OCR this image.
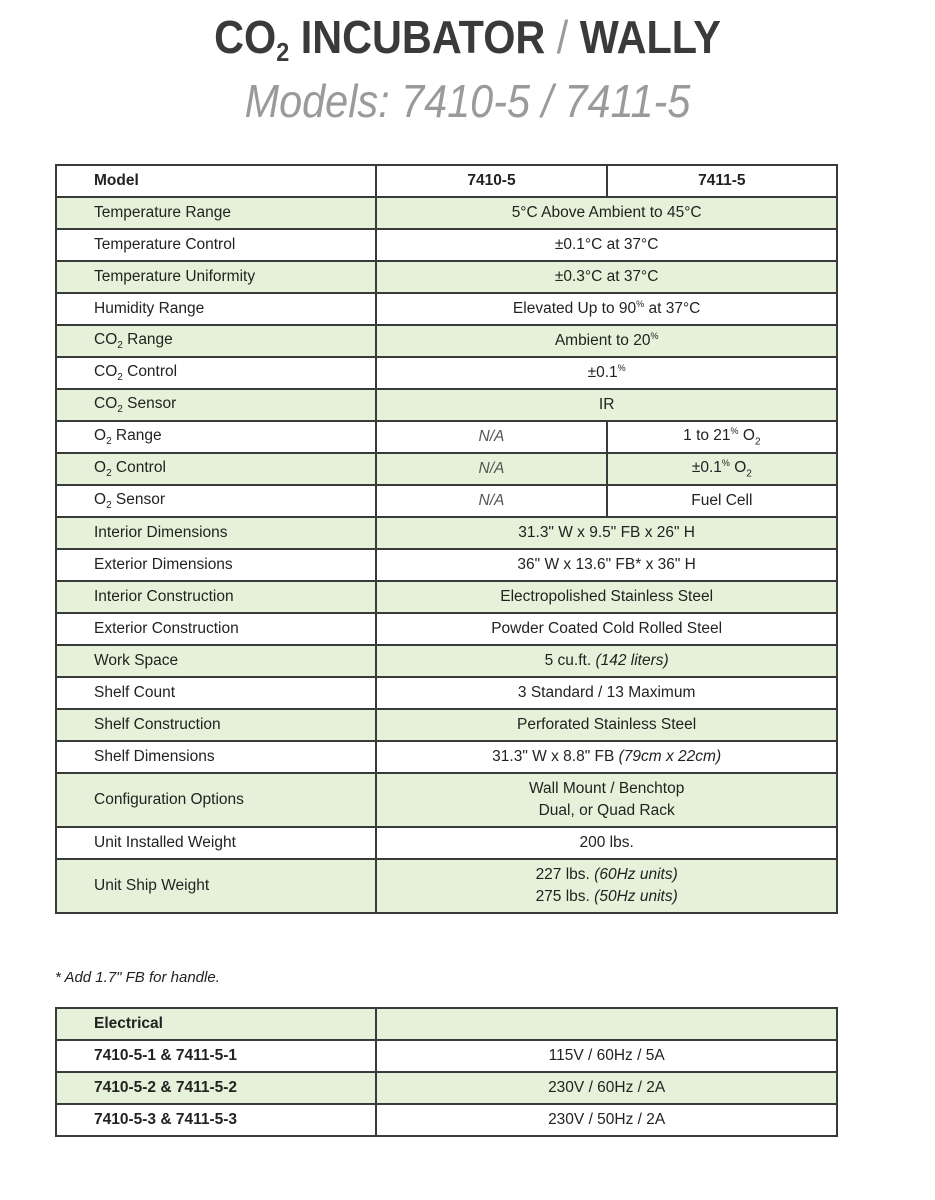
CO2 INCUBATOR / WALLY
Models: 7410-5 / 7411-5
Model	7410-5	7411-5
Temperature Range	5°C Above Ambient to 45°C	
Temperature Control	±0.1°C at 37°C	
Temperature Uniformity	±0.3°C at 37°C	
Humidity Range	Elevated Up to 90% at 37°C	
$CO_2$ Range	Ambient to 20%
$CO_2$ Control	±0.1%
$CO_2$ Sensor	IR	
$O_2$ Range	N/A	1 to 21% $O_2$
$O_2$ Control	N/A	±0.1% $O_2$
$O_2$ Sensor	N/A	Fuel Cell
Interior Dimensions	31.3" W x 9.5" FB x 26" H	
Exterior Dimensions	36" W x 13.6" FB* x 36" H	
Interior Construction	Electropolished Stainless Steel	
Exterior Construction	Powder Coated Cold Rolled Steel	
Work Space	5 cu.ft. (142 liters)	
Shelf Count	3 Standard / 13 Maximum	
Shelf Construction	Perforated Stainless Steel	
Shelf Dimensions	31.3" W x 8.8" FB (79cm x 22cm)	
Configuration Options	Wall Mount / Benchtop
Dual, or Quad Rack	

Unit Installed Weight	200 lbs.	
Unit Ship Weight	227 lbs. (60Hz units)
275 lbs. (50Hz units)	
* Add 1.7" FB for handle.
Electrical	
7410-5-1 & 7411-5-1	115V / 60Hz / 5A
7410-5-2 & 7411-5-2	230V / 60Hz / 2A
7410-5-3 & 7411-5-3	230V / 50Hz / 2A
